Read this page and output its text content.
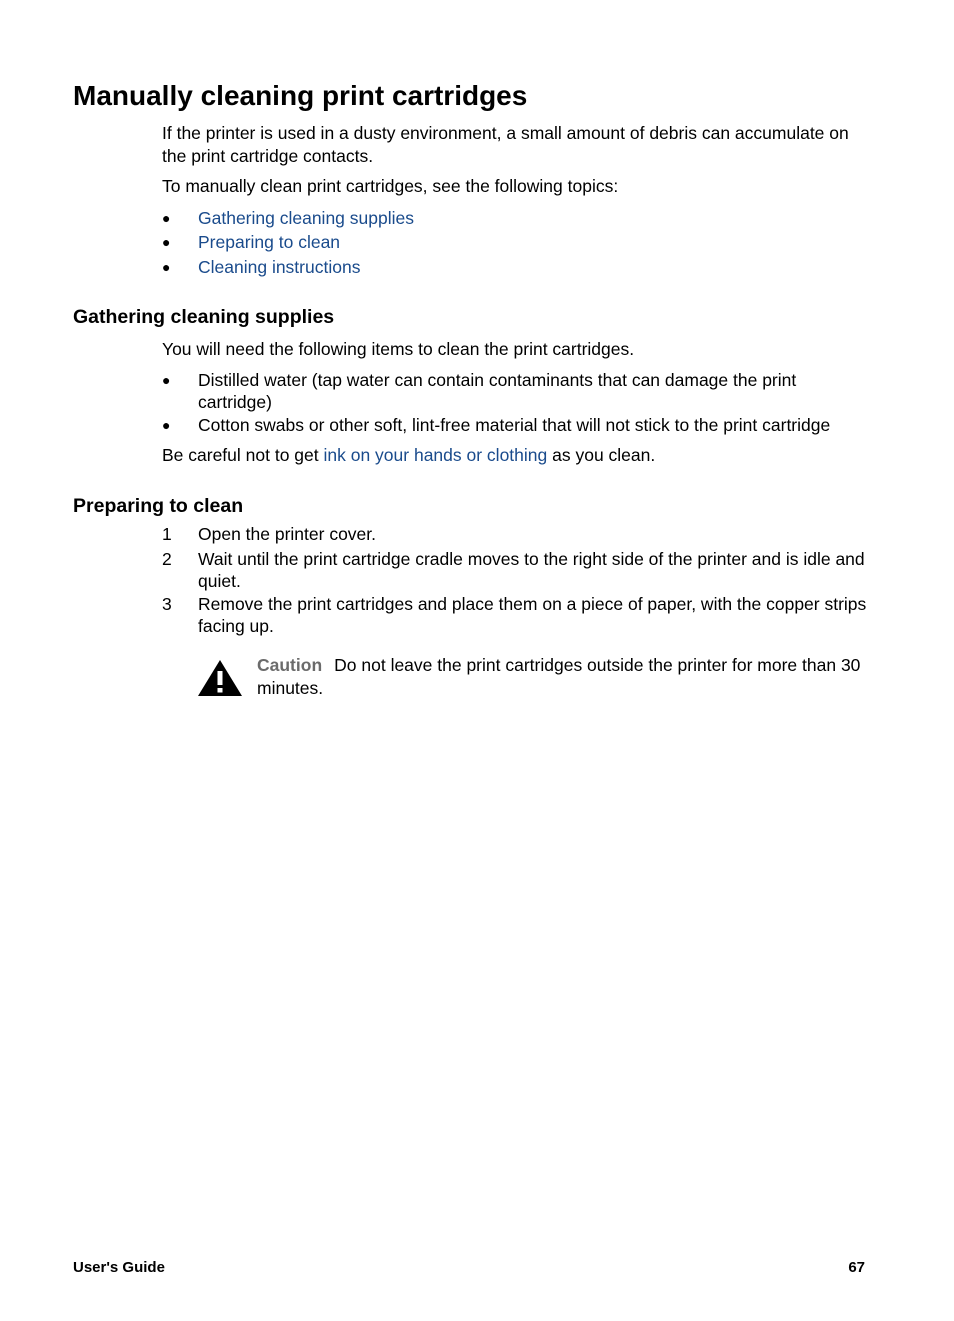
Manually cleaning print cartridges

If the printer is used in a dusty environment, a small amount of debris can accumulate on the print cartridge contacts.

To manually clean print cartridges, see the following topics:

● Gathering cleaning supplies
● Preparing to clean
● Cleaning instructions
Gathering cleaning supplies

You will need the following items to clean the print cartridges.

● Distilled water (tap water can contain contaminants that can damage the print cartridge)
● Cotton swabs or other soft, lint-free material that will not stick to the print cartridge

Be careful not to get ink on your hands or clothing as you clean.

Preparing to clean
1 Open the printer cover.
2 Wait until the print cartridge cradle moves to the right side of the printer and is idle and quiet.
3 Remove the print cartridges and place them on a piece of paper, with the copper strips facing up.
Caution Do not leave the print cartridges outside the printer for more than 30 minutes.
User's Guide	67
